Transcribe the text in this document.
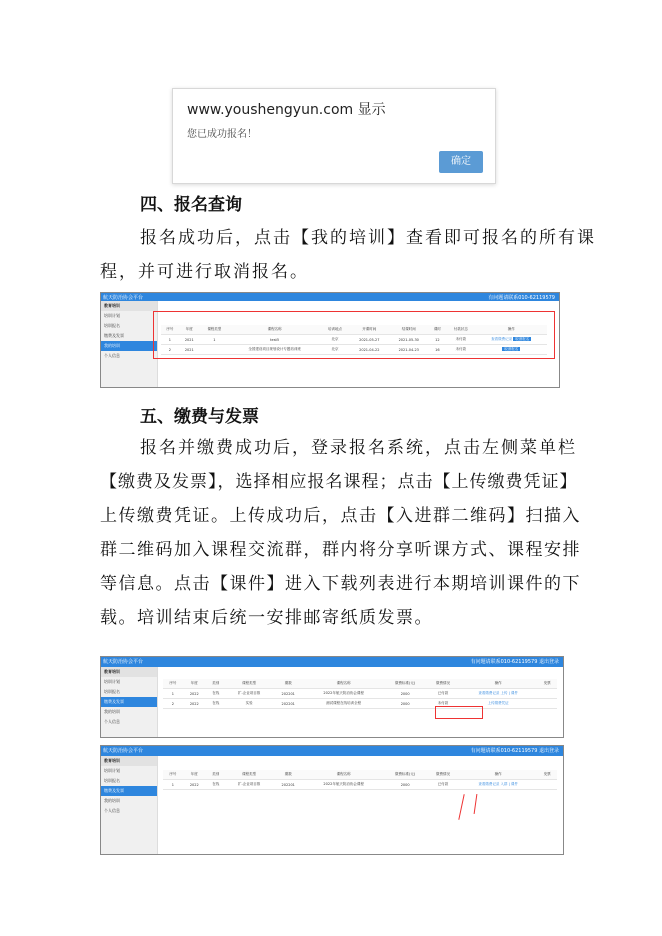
www.youshengyun.com 显示
您已成功报名！
确定
四、报名查询
报名成功后，点击【我的培训】查看即可报名的所有课
程，并可进行取消报名。
航天防治协会平台	有问题请联系010-62119579
教育培训
培训计划
培训报名
缴费及发票
我的培训
个人信息
序号	年度	课程类型	课程名称	培训地点	开课时间	结课时间	课时	付款状态	操作
1	2021	1	test5	北京	2021-05-27	2021-05-30	12	未付款	查看缴费记录 取消报名
2	2021		全国建设项目规划设计专题培训班	北京	2021-04-22	2021-04-23	16	未付款	取消报名
五、缴费与发票
报名并缴费成功后，登录报名系统，点击左侧菜单栏
【缴费及发票】，选择相应报名课程；点击【上传缴费凭证】
上传缴费凭证。上传成功后，点击【入进群二维码】扫描入
群二维码加入课程交流群，群内将分享听课方式、课程安排
等信息。点击【课件】进入下载列表进行本期培训课件的下
载。培训结束后统一安排邮寄纸质发票。
航天防治协会平台	有问题请联系010-62119579 退出登录
教育培训
培训计划
培训报名
缴费及发票
我的培训
个人信息
序号	年度	类别	课程类型	期数	课程名称	缴费标准(元)	缴费情况	操作	发票
1	2022	在线	扩-企业项目推	202201	2022年航天防治协会课程	2000	已付款	查看缴费记录 上传 | 课件	
2	2022	在线	实验	202201	测试课程在线培训全程	2000	未付款	上传缴费凭证	
航天防治协会平台	有问题请联系010-62119579 退出登录
教育培训
培训计划
培训报名
缴费及发票
我的培训
个人信息
序号	年度	类别	课程类型	期数	课程名称	缴费标准(元)	缴费情况	操作	发票
1	2022	在线	扩-企业项目推	202201	2022年航天防治协会课程	2000	已付款	查看缴费记录 入群 | 课件	
